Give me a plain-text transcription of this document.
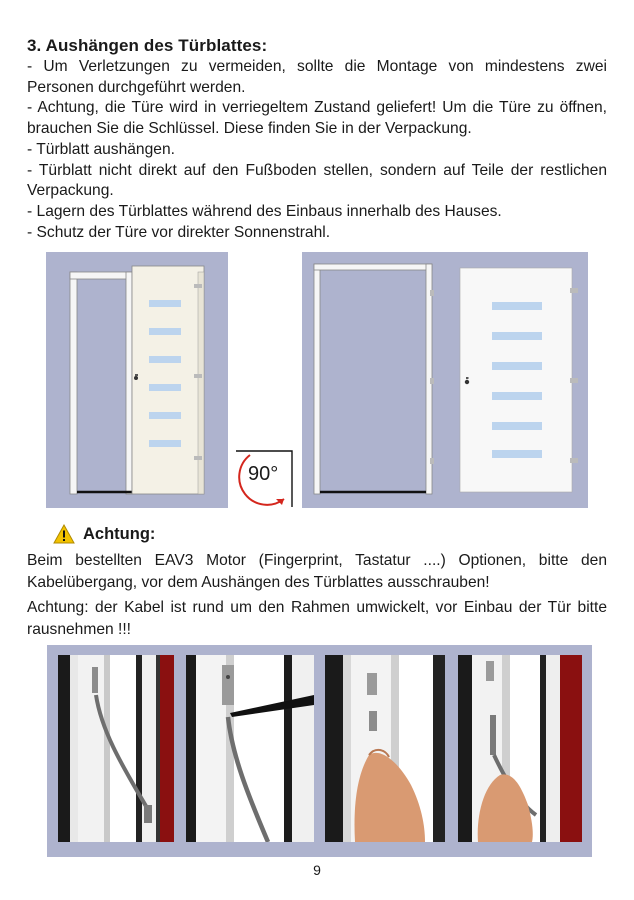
3. Aushängen des Türblattes:
- Um Verletzungen zu vermeiden, sollte die Montage von mindestens zwei Personen durchgeführt werden.
- Achtung, die Türe wird in verriegeltem Zustand geliefert! Um die Türe zu öffnen, brauchen Sie die Schlüssel. Diese finden Sie in der Verpackung.
- Türblatt aushängen.
- Türblatt nicht direkt auf den Fußboden stellen, sondern auf Teile der restlichen Verpackung.
- Lagern des Türblattes während des Einbaus innerhalb des Hauses.
- Schutz der Türe vor direkter Sonnenstrahl.
90°
Achtung:
Beim bestellten EAV3 Motor (Fingerprint, Tastatur ....) Optionen, bitte den Kabelübergang, vor dem Aushängen des Türblattes ausschrauben!
Achtung: der Kabel ist rund um den Rahmen umwickelt, vor Einbau der Tür bitte rausnehmen !!!
9
